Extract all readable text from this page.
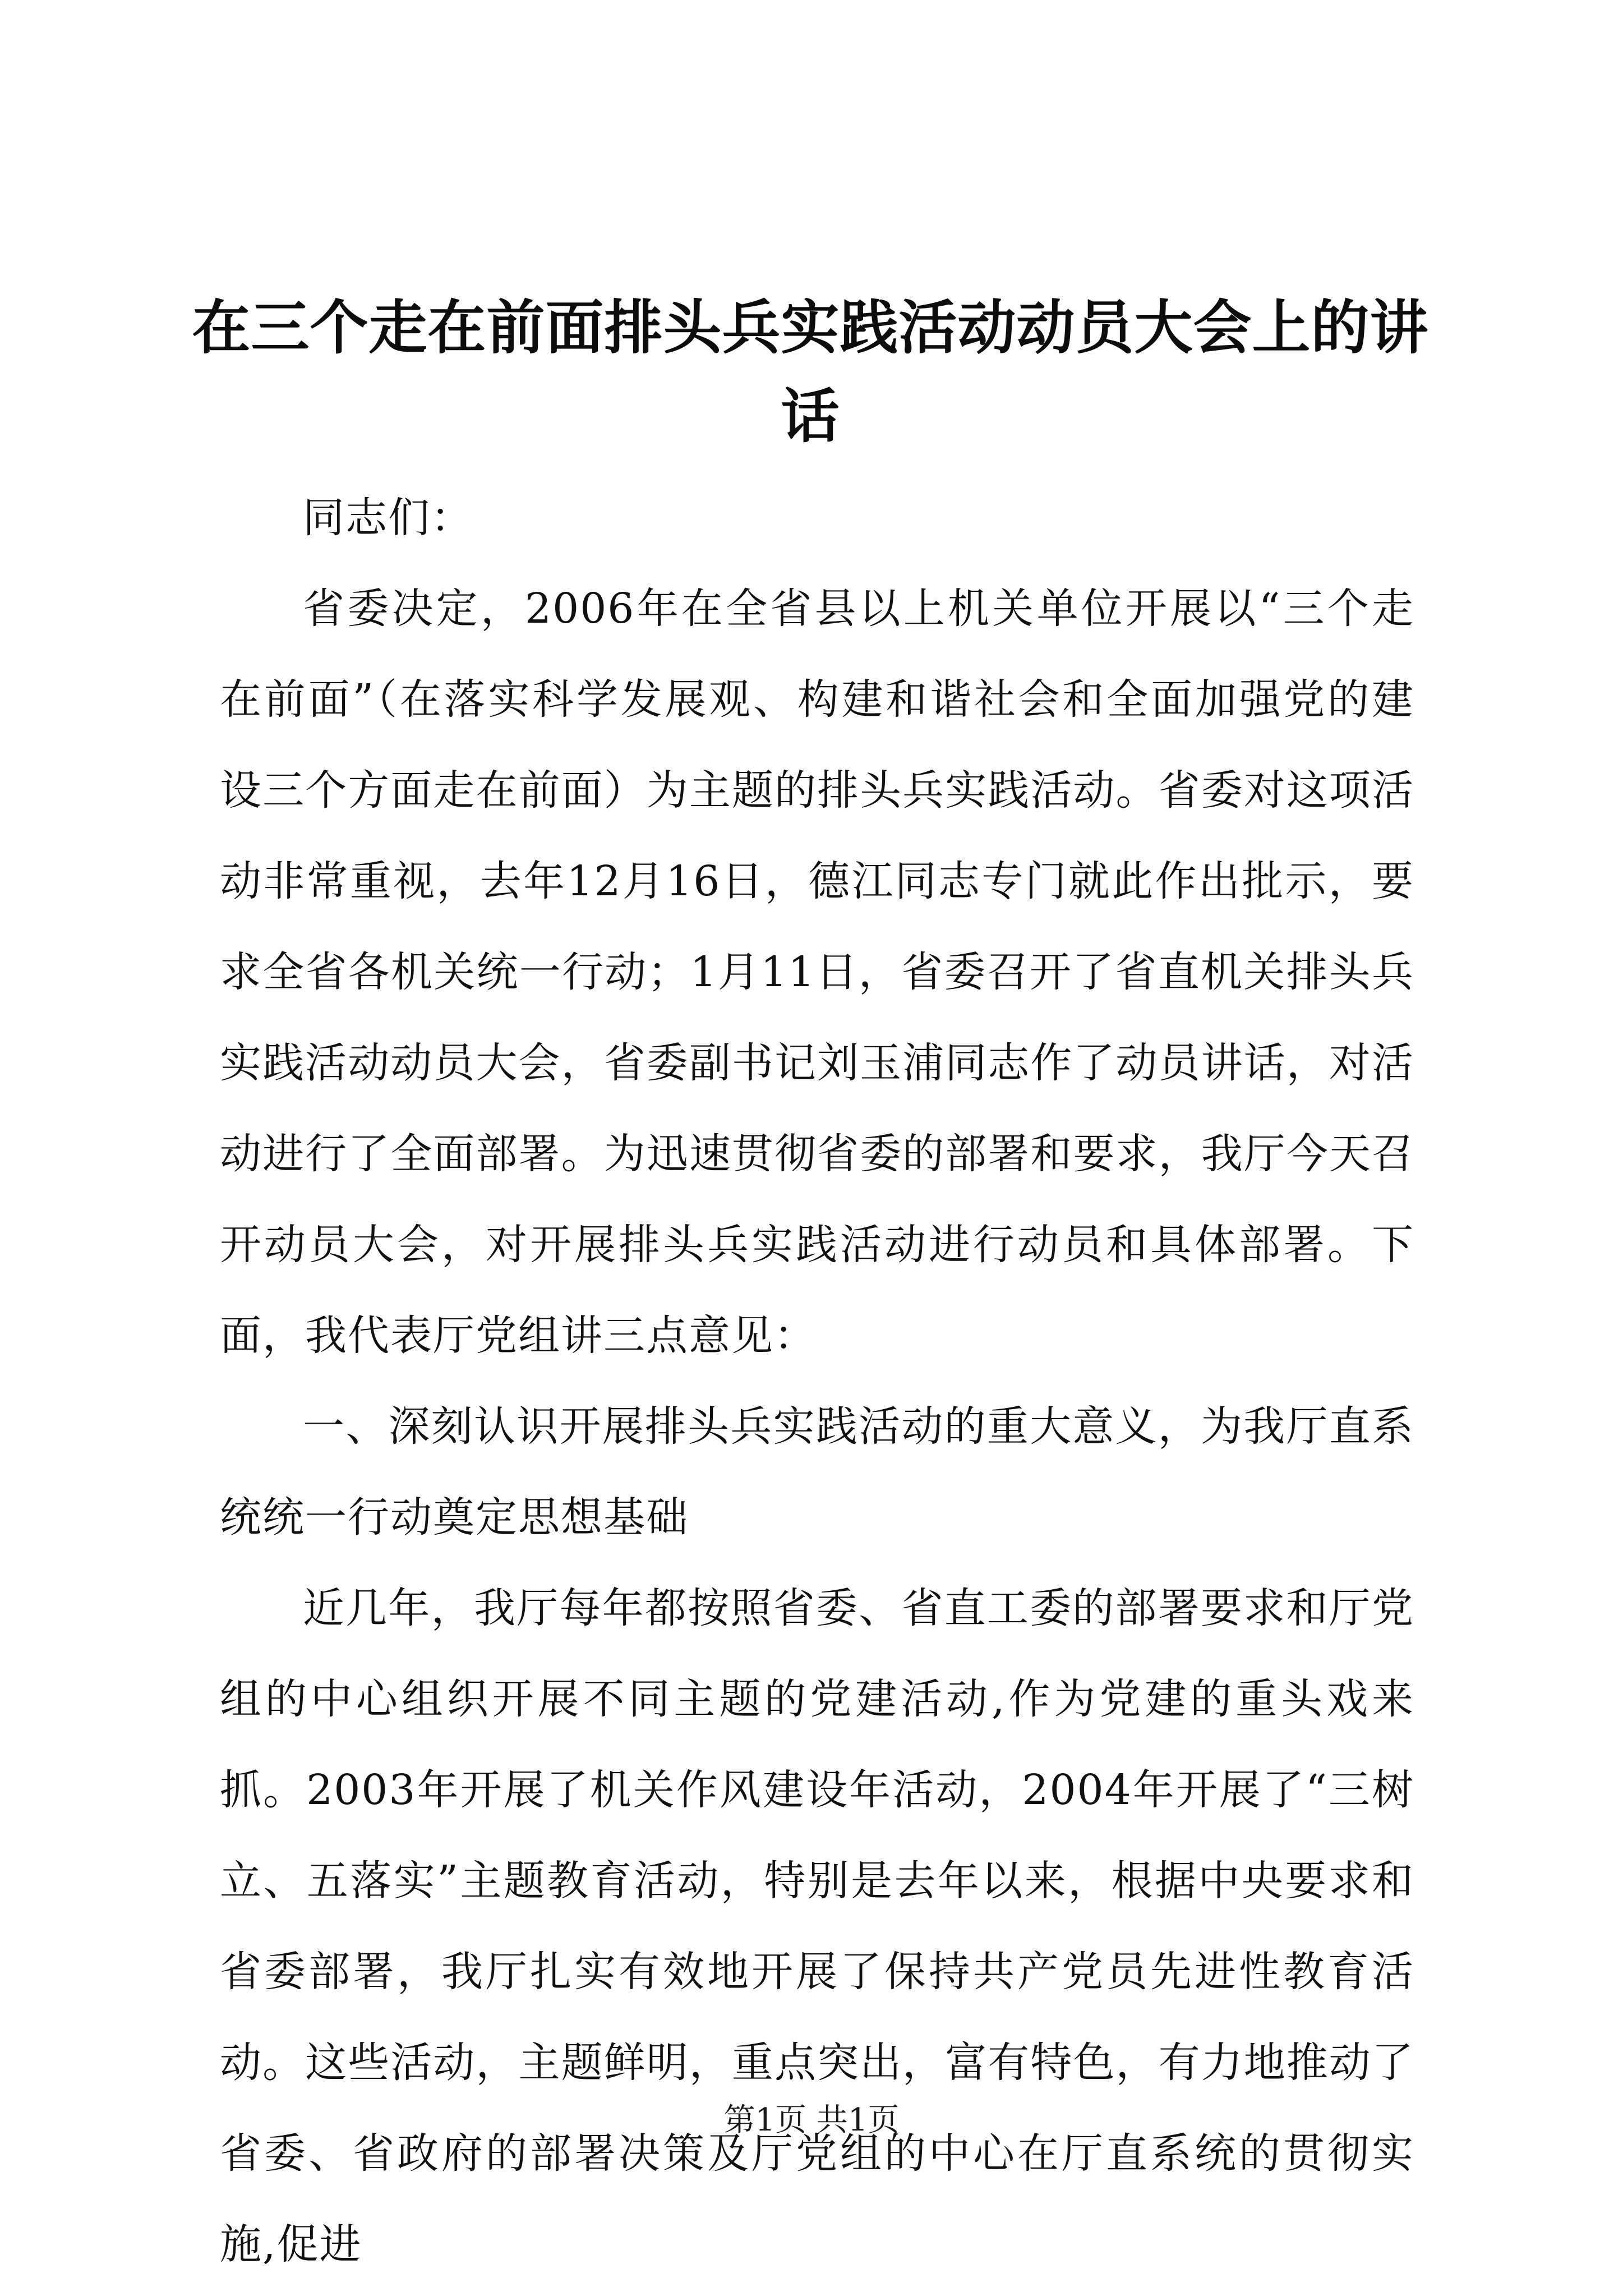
在三个走在前面排头兵实践活动动员大会上的讲话

同志们：

省委决定，2006年在全省县以上机关单位开展以“三个走在前面”（在落实科学发展观、构建和谐社会和全面加强党的建设三个方面走在前面）为主题的排头兵实践活动。省委对这项活动非常重视，去年12月16日，德江同志专门就此作出批示，要求全省各机关统一行动；1月11日，省委召开了省直机关排头兵实践活动动员大会，省委副书记刘玉浦同志作了动员讲话，对活动进行了全面部署。为迅速贯彻省委的部署和要求，我厅今天召开动员大会，对开展排头兵实践活动进行动员和具体部署。下面，我代表厅党组讲三点意见：

一、深刻认识开展排头兵实践活动的重大意义，为我厅直系统统一行动奠定思想基础

近几年，我厅每年都按照省委、省直工委的部署要求和厅党组的中心组织开展不同主题的党建活动,作为党建的重头戏来抓。2003年开展了机关作风建设年活动，2004年开展了“三树立、五落实”主题教育活动，特别是去年以来，根据中央要求和省委部署，我厅扎实有效地开展了保持共产党员先进性教育活动。这些活动，主题鲜明，重点突出，富有特色，有力地推动了省委、省政府的部署决策及厅党组的中心在厅直系统的贯彻实施,促进

第1页 共1页
